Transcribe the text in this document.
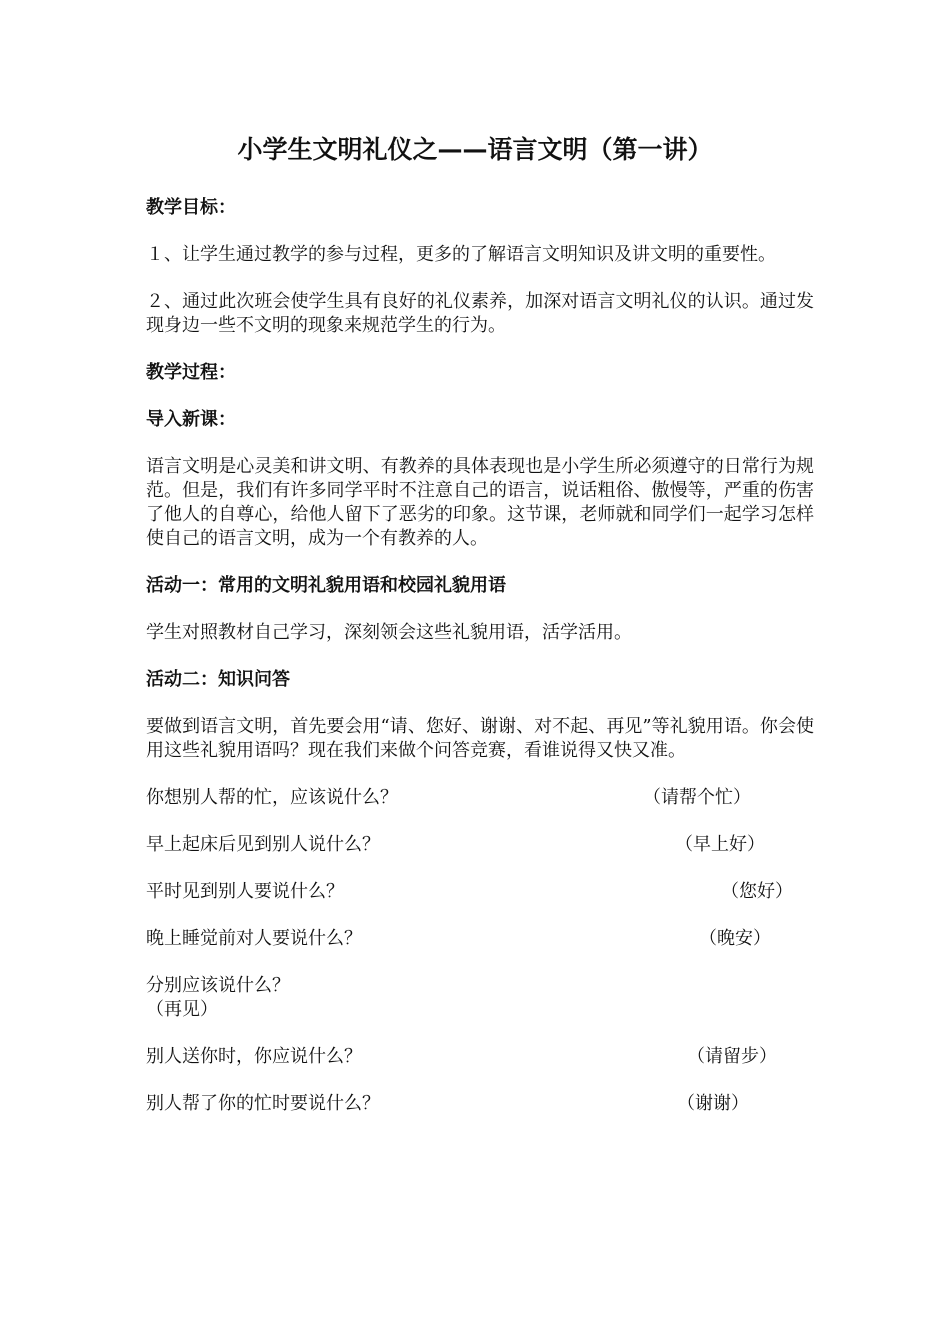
小学生文明礼仪之——语言文明（第一讲）
教学目标：
１、让学生通过教学的参与过程，更多的了解语言文明知识及讲文明的重要性。
２、通过此次班会使学生具有良好的礼仪素养，加深对语言文明礼仪的认识。通过发现身边一些不文明的现象来规范学生的行为。
教学过程：
导入新课：
语言文明是心灵美和讲文明、有教养的具体表现也是小学生所必须遵守的日常行为规范。但是，我们有许多同学平时不注意自己的语言，说话粗俗、傲慢等，严重的伤害了他人的自尊心，给他人留下了恶劣的印象。这节课，老师就和同学们一起学习怎样使自己的语言文明，成为一个有教养的人。
活动一：常用的文明礼貌用语和校园礼貌用语
学生对照教材自己学习，深刻领会这些礼貌用语，活学活用。
活动二：知识问答
要做到语言文明，首先要会用“请、您好、谢谢、对不起、再见”等礼貌用语。你会使用这些礼貌用语吗？现在我们来做个问答竞赛，看谁说得又快又准。
你想别人帮的忙，应该说什么？	（请帮个忙）
早上起床后见到别人说什么？	（早上好）
平时见到别人要说什么？	（您好）
晚上睡觉前对人要说什么？	（晚安）
分别应该说什么？
（再见）
别人送你时，你应说什么？	（请留步）
别人帮了你的忙时要说什么？	（谢谢）
